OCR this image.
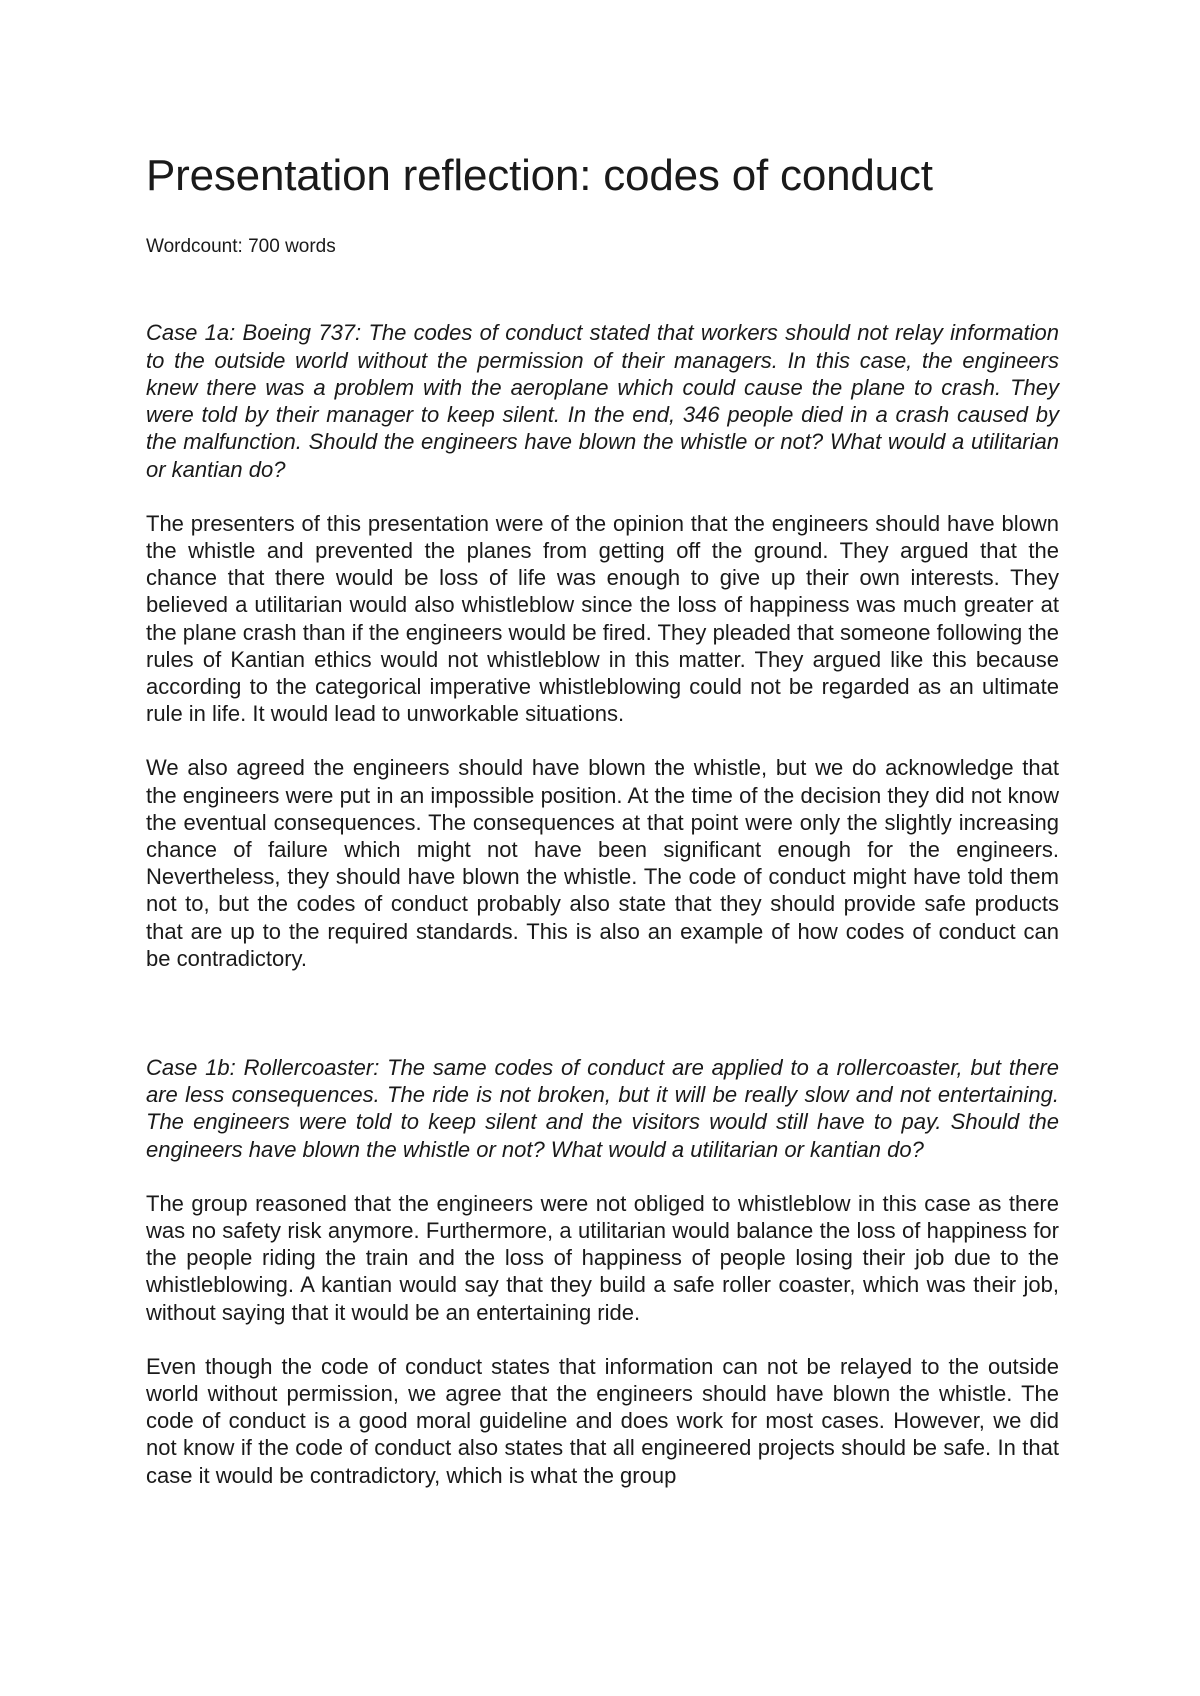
Presentation reflection: codes of conduct

Wordcount: 700 words

Case 1a: Boeing 737: The codes of conduct stated that workers should not relay information to the outside world without the permission of their managers. In this case, the engineers knew there was a problem with the aeroplane which could cause the plane to crash. They were told by their manager to keep silent. In the end, 346 people died in a crash caused by the malfunction. Should the engineers have blown the whistle or not? What would a utilitarian or kantian do?

The presenters of this presentation were of the opinion that the engineers should have blown the whistle and prevented the planes from getting off the ground. They argued that the chance that there would be loss of life was enough to give up their own interests. They believed a utilitarian would also whistleblow since the loss of happiness was much greater at the plane crash than if the engineers would be fired. They pleaded that someone following the rules of Kantian ethics would not whistleblow in this matter. They argued like this because according to the categorical imperative whistleblowing could not be regarded as an ultimate rule in life. It would lead to unworkable situations.

We also agreed the engineers should have blown the whistle, but we do acknowledge that the engineers were put in an impossible position. At the time of the decision they did not know the eventual consequences. The consequences at that point were only the slightly increasing chance of failure which might not have been significant enough for the engineers. Nevertheless, they should have blown the whistle. The code of conduct might have told them not to, but the codes of conduct probably also state that they should provide safe products that are up to the required standards. This is also an example of how codes of conduct can be contradictory.

Case 1b: Rollercoaster: The same codes of conduct are applied to a rollercoaster, but there are less consequences. The ride is not broken, but it will be really slow and not entertaining. The engineers were told to keep silent and the visitors would still have to pay. Should the engineers have blown the whistle or not? What would a utilitarian or kantian do?

The group reasoned that the engineers were not obliged to whistleblow in this case as there was no safety risk anymore. Furthermore, a utilitarian would balance the loss of happiness for the people riding the train and the loss of happiness of people losing their job due to the whistleblowing. A kantian would say that they build a safe roller coaster, which was their job, without saying that it would be an entertaining ride.

Even though the code of conduct states that information can not be relayed to the outside world without permission, we agree that the engineers should have blown the whistle. The code of conduct is a good moral guideline and does work for most cases. However, we did not know if the code of conduct also states that all engineered projects should be safe. In that case it would be contradictory, which is what the group
